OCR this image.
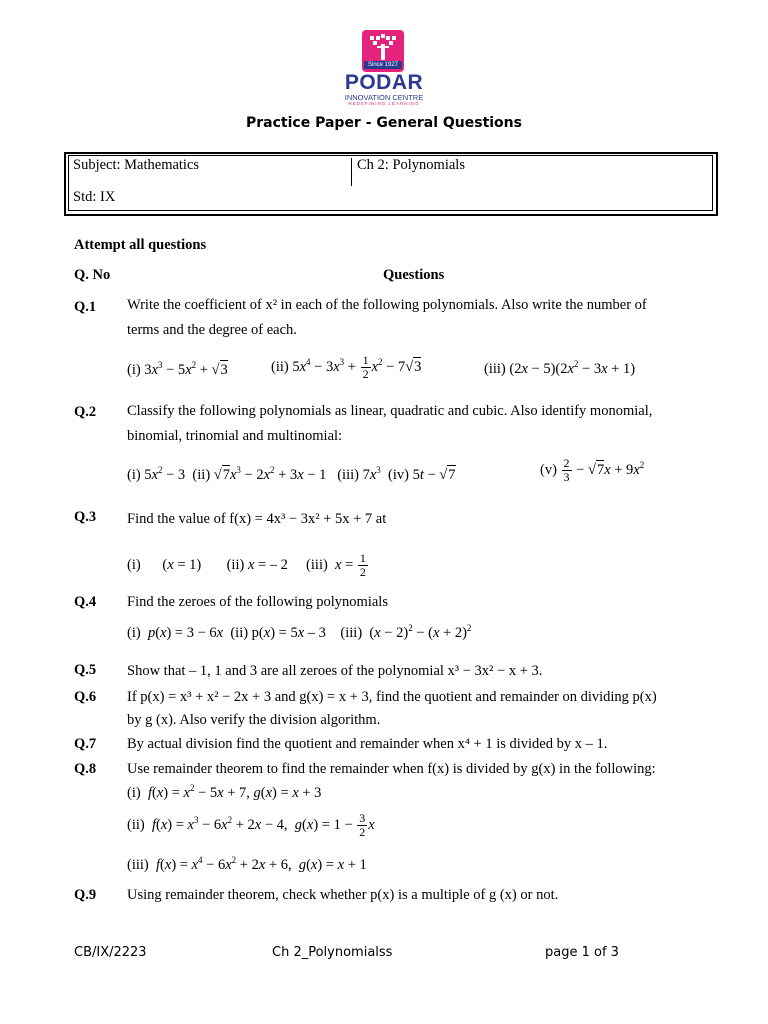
Since 1927
PODAR
INNOVATION CENTRE
REDEFINING LEARNING
Practice Paper - General Questions
Subject: Mathematics	Ch 2: Polynomials
Std: IX
Attempt all questions
Q. No	Questions
Q.1 Write the coefficient of x² in each of the following polynomials. Also write the number of
terms and the degree of each.
(i) $3x^3 - 5x^2 + √3$	(ii) $5x^4 - 3x^3 + \frac{1}{2} x^2 - 7√3$	(iii) $(2x - 5)(2x^2 - 3x + 1)$
Q.2 Classify the following polynomials as linear, quadratic and cubic. Also identify monomial,
binomial, trinomial and multinomial:
(i) $5x^2 - 3$  (ii) $√7x^3 - 2x^2 + 3x - 1$   (iii) $7x^3$  (iv) 5t − √7	$(v) \frac{2}{3} - √7x + 9x^2$
Q.3 Find the value of f(x) = 4x³ − 3x² + 5x + 7 at
(i)      (x = 1)       (ii) x = – 2     (iii)  $x = \frac{1}{2}$
Q.4 Find the zeroes of the following polynomials
(i)  p(x) = 3 − 6x  (ii) p(x) = 5x – 3    (iii)  $(x - 2)^2 - (x + 2)^2$
Q.5 Show that – 1, 1 and 3 are all zeroes of the polynomial x³ − 3x² − x + 3.
Q.6 If p(x) = x³ + x² − 2x + 3 and g(x) = x + 3, find the quotient and remainder on dividing p(x)
by g (x). Also verify the division algorithm.
Q.7 By actual division find the quotient and remainder when x⁴ + 1 is divided by x – 1.
Q.8 Use remainder theorem to find the remainder when f(x) is divided by g(x) in the following:
(i)  $f(x) = x^2 - 5x + 7$, g(x) = x + 3
(ii)  $f(x) = x^3 - 6x^2 + 2x - 4$,  $g(x) = 1 - \frac{3}{2}$ x
(iii)  $f(x) = x^4 - 6x^2 + 2x + 6$,  g(x) = x + 1
Q.9 Using remainder theorem, check whether p(x) is a multiple of g (x) or not.
CB/IX/2223	Ch 2_Polynomialss	page 1 of 3
